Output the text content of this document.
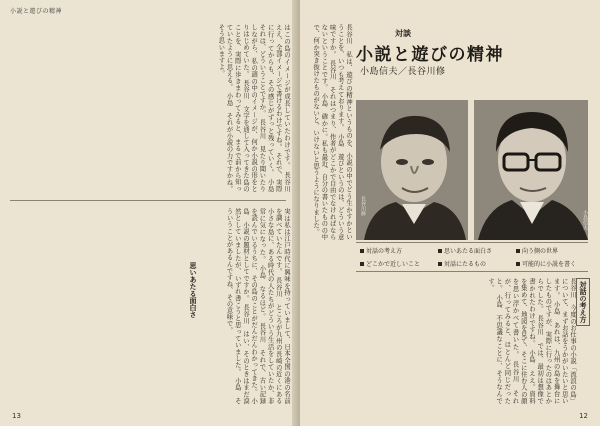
小説と遊びの精神
はこの島のイメージが成長していたわけです。 長谷川　ええ、全部イメージで書けるわけですね。 それで、実際に行ってからも、その感じがずっと残っていく。 小島　それは、どういうことですか。 長谷川　見たり聞いたりしながら、私の頭の中のイメージが、何か小説の形をとりはじめていた。 長谷川　文字を通して入ってきた島のことを、実際に歩きまわってみると、まるで前から知っていたように思える。 小島　それが小説の力ですかね。 そう思いますよ。
実は私は江戸時代に興味を持っていまして、日本全国の港の名前を調べていたんです。 長谷川　ところが九州の長崎の近くにある小さな島に、ある時代の人たちがどういう生活をしていたか、非常に気になった。 小島　なるほど。 長谷川　それで、古い記録を読んでいるうちに、その島のことがだんだんわかってきた。 小島　小説の題材としてですか。 長谷川　はい、そのときはまだ漠然としていましたが、いずれ書こうと思っていました。 小島　そういうことがあるんですね、その意味で。
思いあたる面白さ
13
長谷川　私は、遊びの精神というものを、小説の中でどう生かすかということを、いつも考えております。 小島　遊びというのは、どういう意味ですか。 長谷川　それはつまり、作者がどこかで自由でなければならないということです。 小島　確かに。私も最近、自分の書いたものの中で、何か突き抜けたものがないと、いけないと思うようになりました。
長谷川　今度のお仕事の小説「流浪の島」について、まずお話をうかがいたいと思います。 小島　あれは、九州の島を舞台にしたものですが、実際に行ったのはあとからでした。 長谷川　では、最初は想像で書かれたわけですね。 小島　ええ。資料を集めて、地図を見て、そこに住む人の顔を思い浮かべて書いた。 長谷川　それが、行ってみると、ほとんど同じだったと。 小島　不思議なことに、そうなんです。	対話の考え方
12
対談
小説と遊びの精神
小島信夫／長谷川修
長谷川修
小島信夫
対話の考え方	思いあたる面白さ	向う側の世界
どこかで近しいこと	対話にたるもの	可能的に小説を書く
